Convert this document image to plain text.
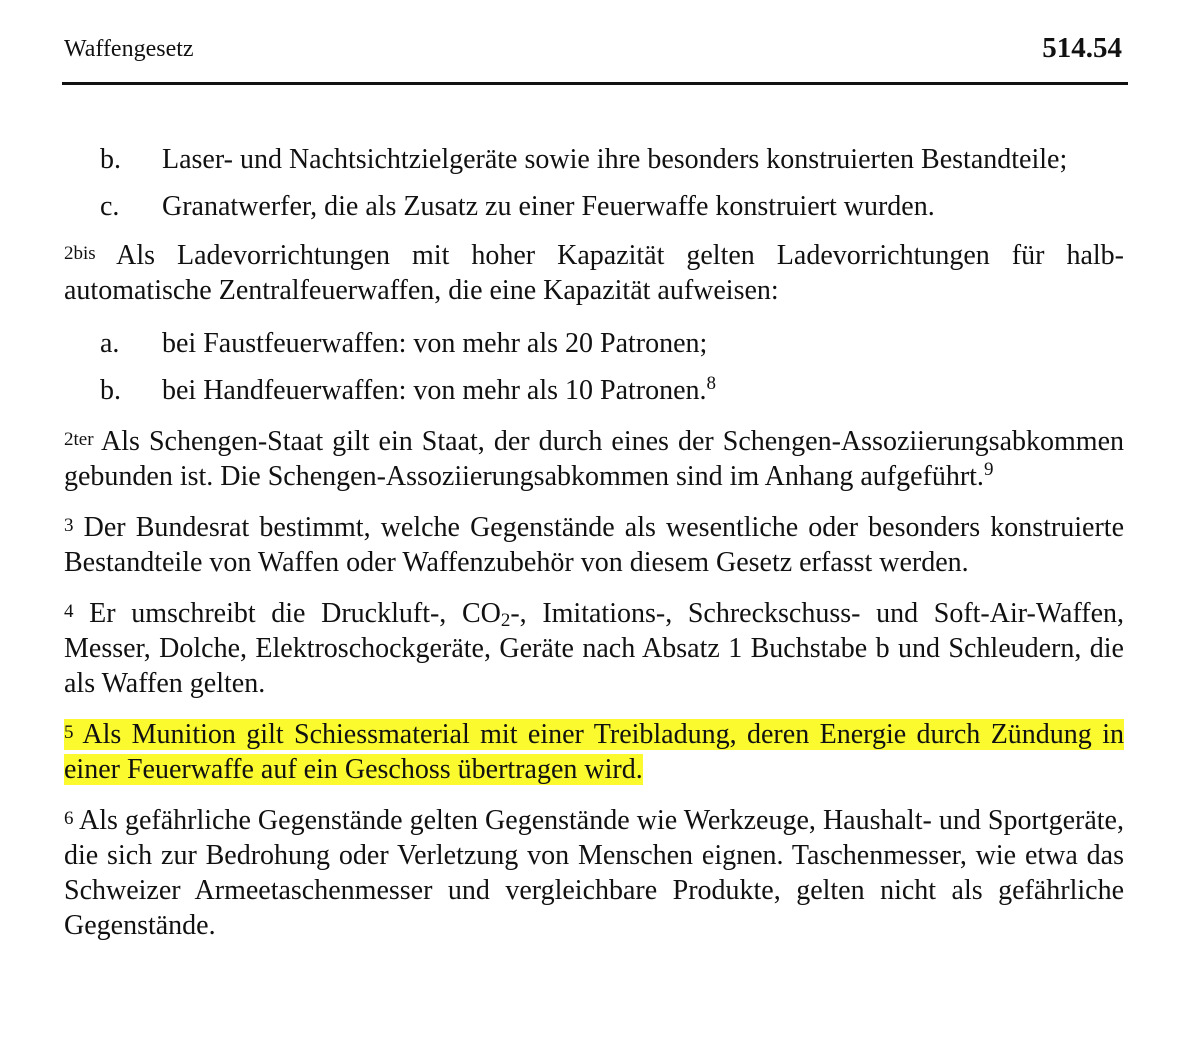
Waffengesetz	514.54
b. Laser- und Nachtsichtzielgeräte sowie ihre besonders konstruierten Bestandteile;
c. Granatwerfer, die als Zusatz zu einer Feuerwaffe konstruiert wurden.
2bis Als Ladevorrichtungen mit hoher Kapazität gelten Ladevorrichtungen für halbautomatische Zentralfeuerwaffen, die eine Kapazität aufweisen:
a. bei Faustfeuerwaffen: von mehr als 20 Patronen;
b. bei Handfeuerwaffen: von mehr als 10 Patronen.$^8$
2ter Als Schengen-Staat gilt ein Staat, der durch eines der Schengen-Assoziierungsabkommen gebunden ist. Die Schengen-Assoziierungsabkommen sind im Anhang aufgeführt.$^9$
3 Der Bundesrat bestimmt, welche Gegenstände als wesentliche oder besonders konstruierte Bestandteile von Waffen oder Waffenzubehör von diesem Gesetz erfasst werden.
4 Er umschreibt die Druckluft-, $CO_2-$, Imitations-, Schreckschuss- und Soft-Air-Waffen, Messer, Dolche, Elektroschockgeräte, Geräte nach Absatz 1 Buchstabe b und Schleudern, die als Waffen gelten.
5 Als Munition gilt Schiessmaterial mit einer Treibladung, deren Energie durch Zündung in einer Feuerwaffe auf ein Geschoss übertragen wird.
6 Als gefährliche Gegenstände gelten Gegenstände wie Werkzeuge, Haushalt- und Sportgeräte, die sich zur Bedrohung oder Verletzung von Menschen eignen. Taschenmesser, wie etwa das Schweizer Armeetaschenmesser und vergleichbare Produkte, gelten nicht als gefährliche Gegenstände.
